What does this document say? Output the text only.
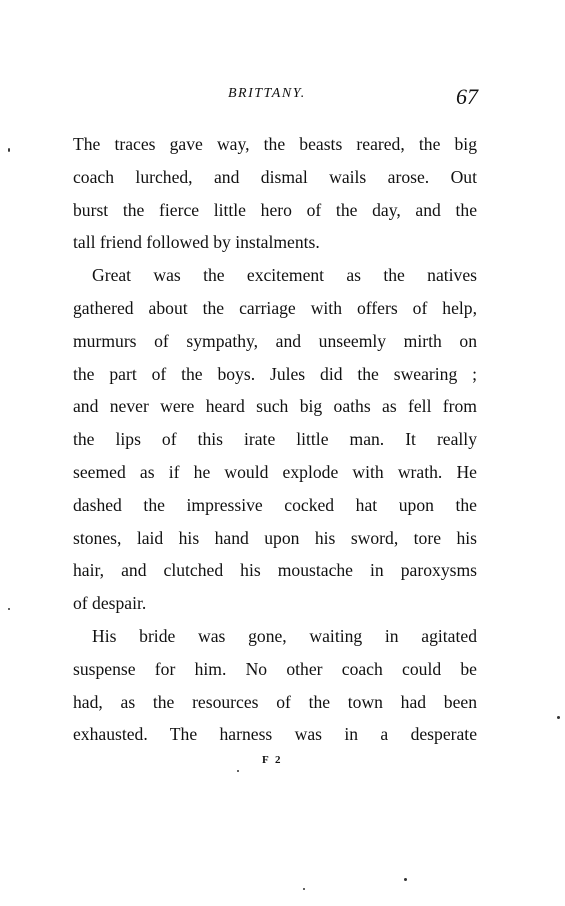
BRITTANY.	67
The traces gave way, the beasts reared, the big
coach lurched, and dismal wails arose. Out
burst the fierce little hero of the day, and the
tall friend followed by instalments.
Great was the excitement as the natives
gathered about the carriage with offers of help,
murmurs of sympathy, and unseemly mirth on
the part of the boys. Jules did the swearing ;
and never were heard such big oaths as fell from
the lips of this irate little man. It really
seemed as if he would explode with wrath. He
dashed the impressive cocked hat upon the
stones, laid his hand upon his sword, tore his
hair, and clutched his moustache in paroxysms
of despair.
His bride was gone, waiting in agitated
suspense for him. No other coach could be
had, as the resources of the town had been
exhausted. The harness was in a desperate
F 2
